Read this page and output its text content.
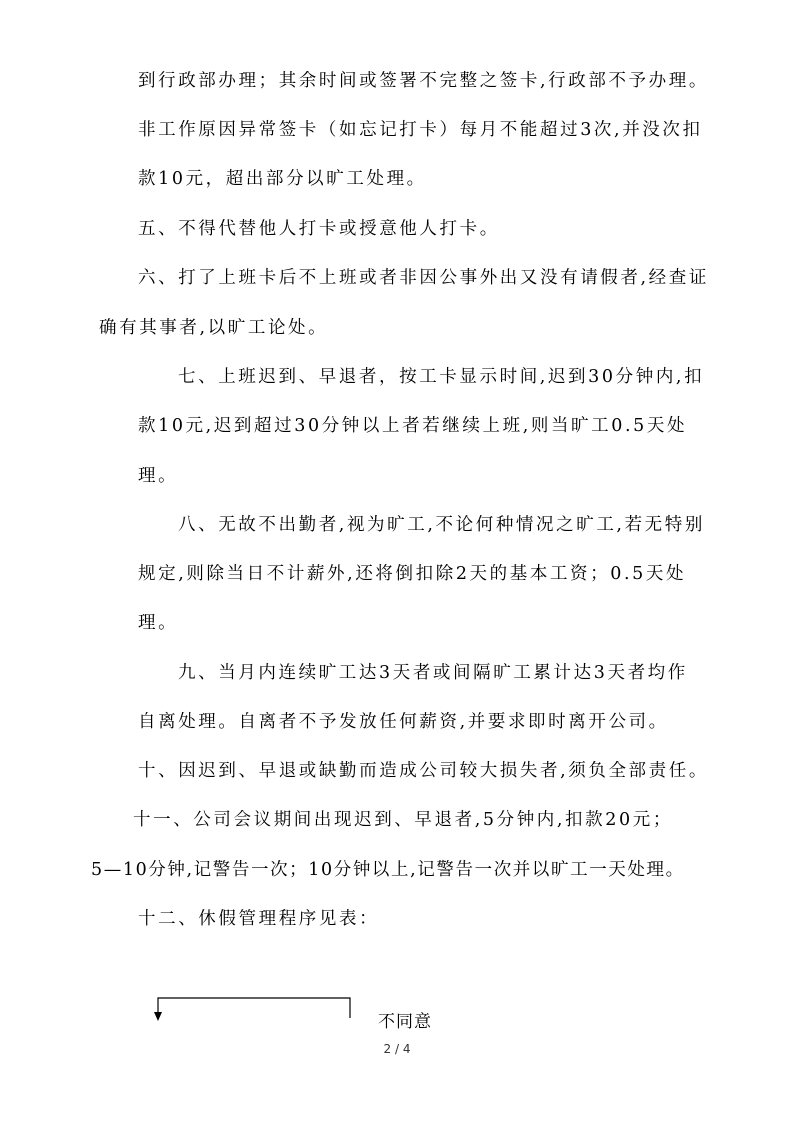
到行政部办理；其余时间或签署不完整之签卡,行政部不予办理。
非工作原因异常签卡（如忘记打卡）每月不能超过3次,并没次扣
款10元，超出部分以旷工处理。
五、不得代替他人打卡或授意他人打卡。
六、打了上班卡后不上班或者非因公事外出又没有请假者,经查证
确有其事者,以旷工论处。
七、上班迟到、早退者，按工卡显示时间,迟到30分钟内,扣
款10元,迟到超过30分钟以上者若继续上班,则当旷工0.5天处
理。
八、无故不出勤者,视为旷工,不论何种情况之旷工,若无特别
规定,则除当日不计薪外,还将倒扣除2天的基本工资；0.5天处
理。
九、当月内连续旷工达3天者或间隔旷工累计达3天者均作
自离处理。自离者不予发放任何薪资,并要求即时离开公司。
十、因迟到、早退或缺勤而造成公司较大损失者,须负全部责任。
十一、公司会议期间出现迟到、早退者,5分钟内,扣款20元；
5—10分钟,记警告一次；10分钟以上,记警告一次并以旷工一天处理。
十二、休假管理程序见表：
不同意
2 / 4
